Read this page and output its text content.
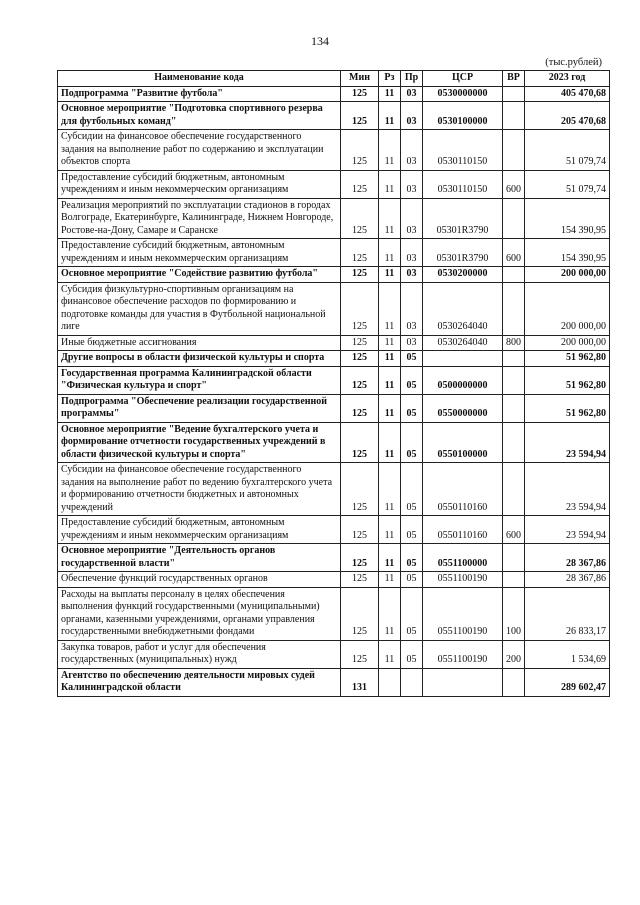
134
(тыс.рублей)
Наименование кода	Мин	Рз	Пр	ЦСР	ВР	2023 год
Подпрограмма "Развитие футбола"	125	11	03	0530000000		405 470,68
Основное мероприятие "Подготовка спортивного резерва для футбольных команд"	125	11	03	0530100000		205 470,68
Субсидии на финансовое обеспечение государственного задания на выполнение работ по содержанию и эксплуатации объектов спорта	125	11	03	0530110150		51 079,74
Предоставление субсидий бюджетным, автономным учреждениям и иным некоммерческим организациям	125	11	03	0530110150	600	51 079,74
Реализация мероприятий по эксплуатации стадионов в городах Волгограде, Екатеринбурге, Калининграде, Нижнем Новгороде, Ростове-на-Дону, Самаре и Саранске	125	11	03	05301R3790		154 390,95
Предоставление субсидий бюджетным, автономным учреждениям и иным некоммерческим организациям	125	11	03	05301R3790	600	154 390,95
Основное мероприятие "Содействие развитию футбола"	125	11	03	0530200000		200 000,00
Субсидия физкультурно-спортивным организациям на финансовое обеспечение расходов по формированию и подготовке команды для участия в Футбольной национальной лиге	125	11	03	0530264040		200 000,00
Иные бюджетные ассигнования	125	11	03	0530264040	800	200 000,00
Другие вопросы в области физической культуры и спорта	125	11	05			51 962,80
Государственная программа Калининградской области "Физическая культура и спорт"	125	11	05	0500000000		51 962,80
Подпрограмма "Обеспечение реализации государственной программы"	125	11	05	0550000000		51 962,80
Основное мероприятие "Ведение бухгалтерского учета и формирование отчетности государственных учреждений в области физической культуры и спорта"	125	11	05	0550100000		23 594,94
Субсидии на финансовое обеспечение государственного задания на выполнение работ по ведению бухгалтерского учета и формированию отчетности бюджетных и автономных учреждений	125	11	05	0550110160		23 594,94
Предоставление субсидий бюджетным, автономным учреждениям и иным некоммерческим организациям	125	11	05	0550110160	600	23 594,94
Основное мероприятие "Деятельность органов государственной власти"	125	11	05	0551100000		28 367,86
Обеспечение функций государственных органов	125	11	05	0551100190		28 367,86
Расходы на выплаты персоналу в целях обеспечения выполнения функций государственными (муниципальными) органами, казенными учреждениями, органами управления государственными внебюджетными фондами	125	11	05	0551100190	100	26 833,17
Закупка товаров, работ и услуг для обеспечения государственных (муниципальных) нужд	125	11	05	0551100190	200	1 534,69
Агентство по обеспечению деятельности мировых судей Калининградской области	131					289 602,47
